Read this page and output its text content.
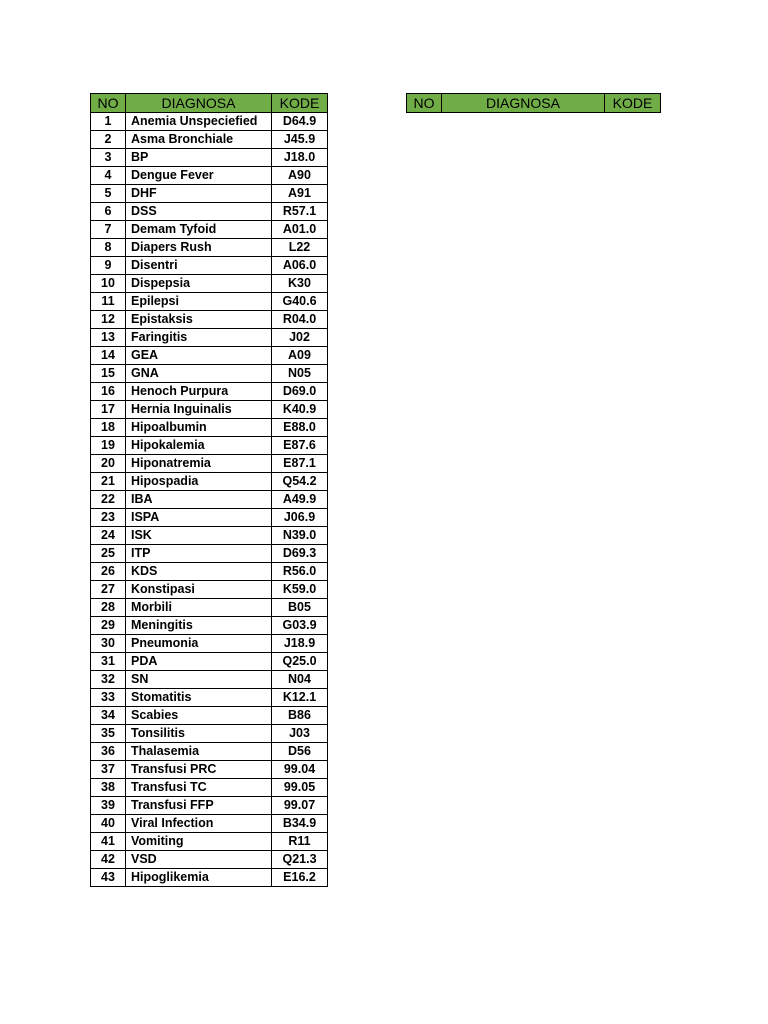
NO	DIAGNOSA	KODE
1	Anemia Unspeciefied	D64.9
2	Asma Bronchiale	J45.9
3	BP	J18.0
4	Dengue Fever	A90
5	DHF	A91
6	DSS	R57.1
7	Demam Tyfoid	A01.0
8	Diapers Rush	L22
9	Disentri	A06.0
10	Dispepsia	K30
11	Epilepsi	G40.6
12	Epistaksis	R04.0
13	Faringitis	J02
14	GEA	A09
15	GNA	N05
16	Henoch Purpura	D69.0
17	Hernia Inguinalis	K40.9
18	Hipoalbumin	E88.0
19	Hipokalemia	E87.6
20	Hiponatremia	E87.1
21	Hipospadia	Q54.2
22	IBA	A49.9
23	ISPA	J06.9
24	ISK	N39.0
25	ITP	D69.3
26	KDS	R56.0
27	Konstipasi	K59.0
28	Morbili	B05
29	Meningitis	G03.9
30	Pneumonia	J18.9
31	PDA	Q25.0
32	SN	N04
33	Stomatitis	K12.1
34	Scabies	B86
35	Tonsilitis	J03
36	Thalasemia	D56
37	Transfusi PRC	99.04
38	Transfusi TC	99.05
39	Transfusi FFP	99.07
40	Viral Infection	B34.9
41	Vomiting	R11
42	VSD	Q21.3
43	Hipoglikemia	E16.2
NO	DIAGNOSA	KODE
